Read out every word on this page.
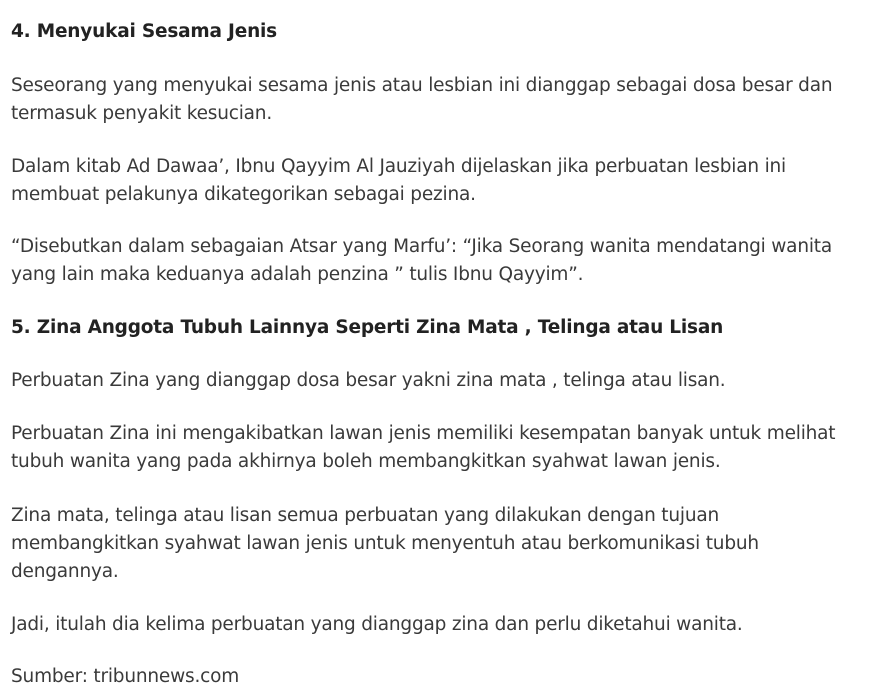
4. Menyukai Sesama Jenis

Seseorang yang menyukai sesama jenis atau lesbian ini dianggap sebagai dosa besar dan termasuk penyakit kesucian.

Dalam kitab Ad Dawaa’, Ibnu Qayyim Al Jauziyah dijelaskan jika perbuatan lesbian ini membuat pelakunya dikategorikan sebagai pezina.

“Disebutkan dalam sebagaian Atsar yang Marfu’: “Jika Seorang wanita mendatangi wanita yang lain maka keduanya adalah penzina ” tulis Ibnu Qayyim”.

5. Zina Anggota Tubuh Lainnya Seperti Zina Mata , Telinga atau Lisan

Perbuatan Zina yang dianggap dosa besar yakni zina mata , telinga atau lisan.

Perbuatan Zina ini mengakibatkan lawan jenis memiliki kesempatan banyak untuk melihat tubuh wanita yang pada akhirnya boleh membangkitkan syahwat lawan jenis.

Zina mata, telinga atau lisan semua perbuatan yang dilakukan dengan tujuan membangkitkan syahwat lawan jenis untuk menyentuh atau berkomunikasi tubuh dengannya.

Jadi, itulah dia kelima perbuatan yang dianggap zina dan perlu diketahui wanita.

Sumber: tribunnews.com
